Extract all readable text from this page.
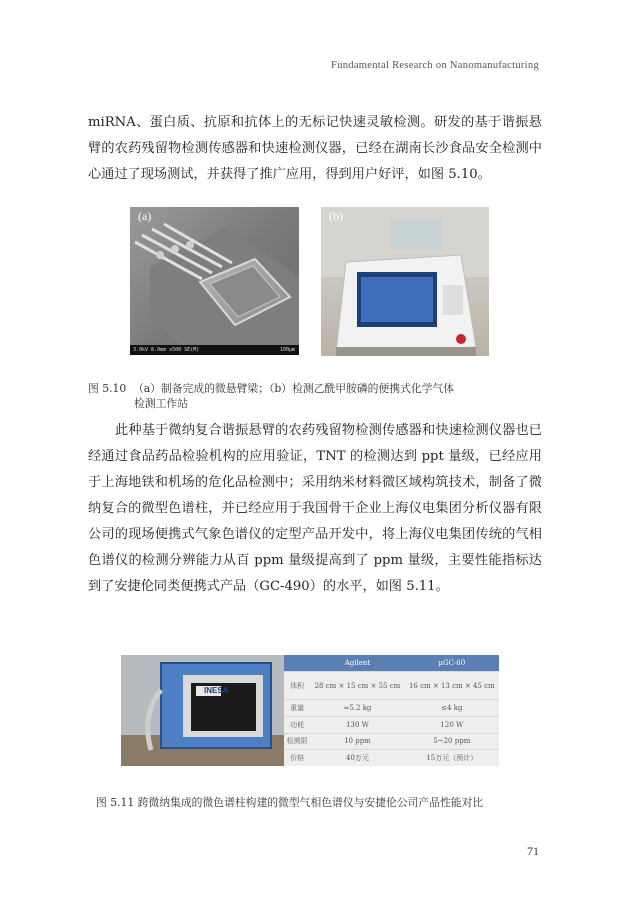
Fundamental Research on Nanomanufacturing

miRNA、蛋白质、抗原和抗体上的无标记快速灵敏检测。研发的基于谐振悬臂的农药残留物检测传感器和快速检测仪器，已经在湖南长沙食品安全检测中心通过了现场测试，并获得了推广应用，得到用户好评，如图 5.10。

(a)
3.0kV 8.0mm x500 SE(M)	100μm
(b)
图 5.10 （a）制备完成的微悬臂梁；（b）检测乙酰甲胺磷的便携式化学气体
检测工作站

此种基于微纳复合谐振悬臂的农药残留物检测传感器和快速检测仪器也已经通过食品药品检验机构的应用验证，TNT 的检测达到 ppt 量级，已经应用于上海地铁和机场的危化品检测中；采用纳米材料微区域构筑技术，制备了微纳复合的微型色谱柱，并已经应用于我国骨干企业上海仪电集团分析仪器有限公司的现场便携式气象色谱仪的定型产品开发中，将上海仪电集团传统的气相色谱仪的检测分辨能力从百 ppm 量级提高到了 ppm 量级，主要性能指标达到了安捷伦同类便携式产品（GC-490）的水平，如图 5.11。

INESA
	Agilent	μGC-60
体积	28 cm × 15 cm × 55 cm	16 cm × 13 cm × 45 cm
重量	≈5.2 kg	≤4 kg
功耗	130 W	120 W
检测限	10 ppm	5~20 ppm
价格	40万元	15万元（预计）
图 5.11 跨微纳集成的微色谱柱构建的微型气相色谱仪与安捷伦公司产品性能对比
71
